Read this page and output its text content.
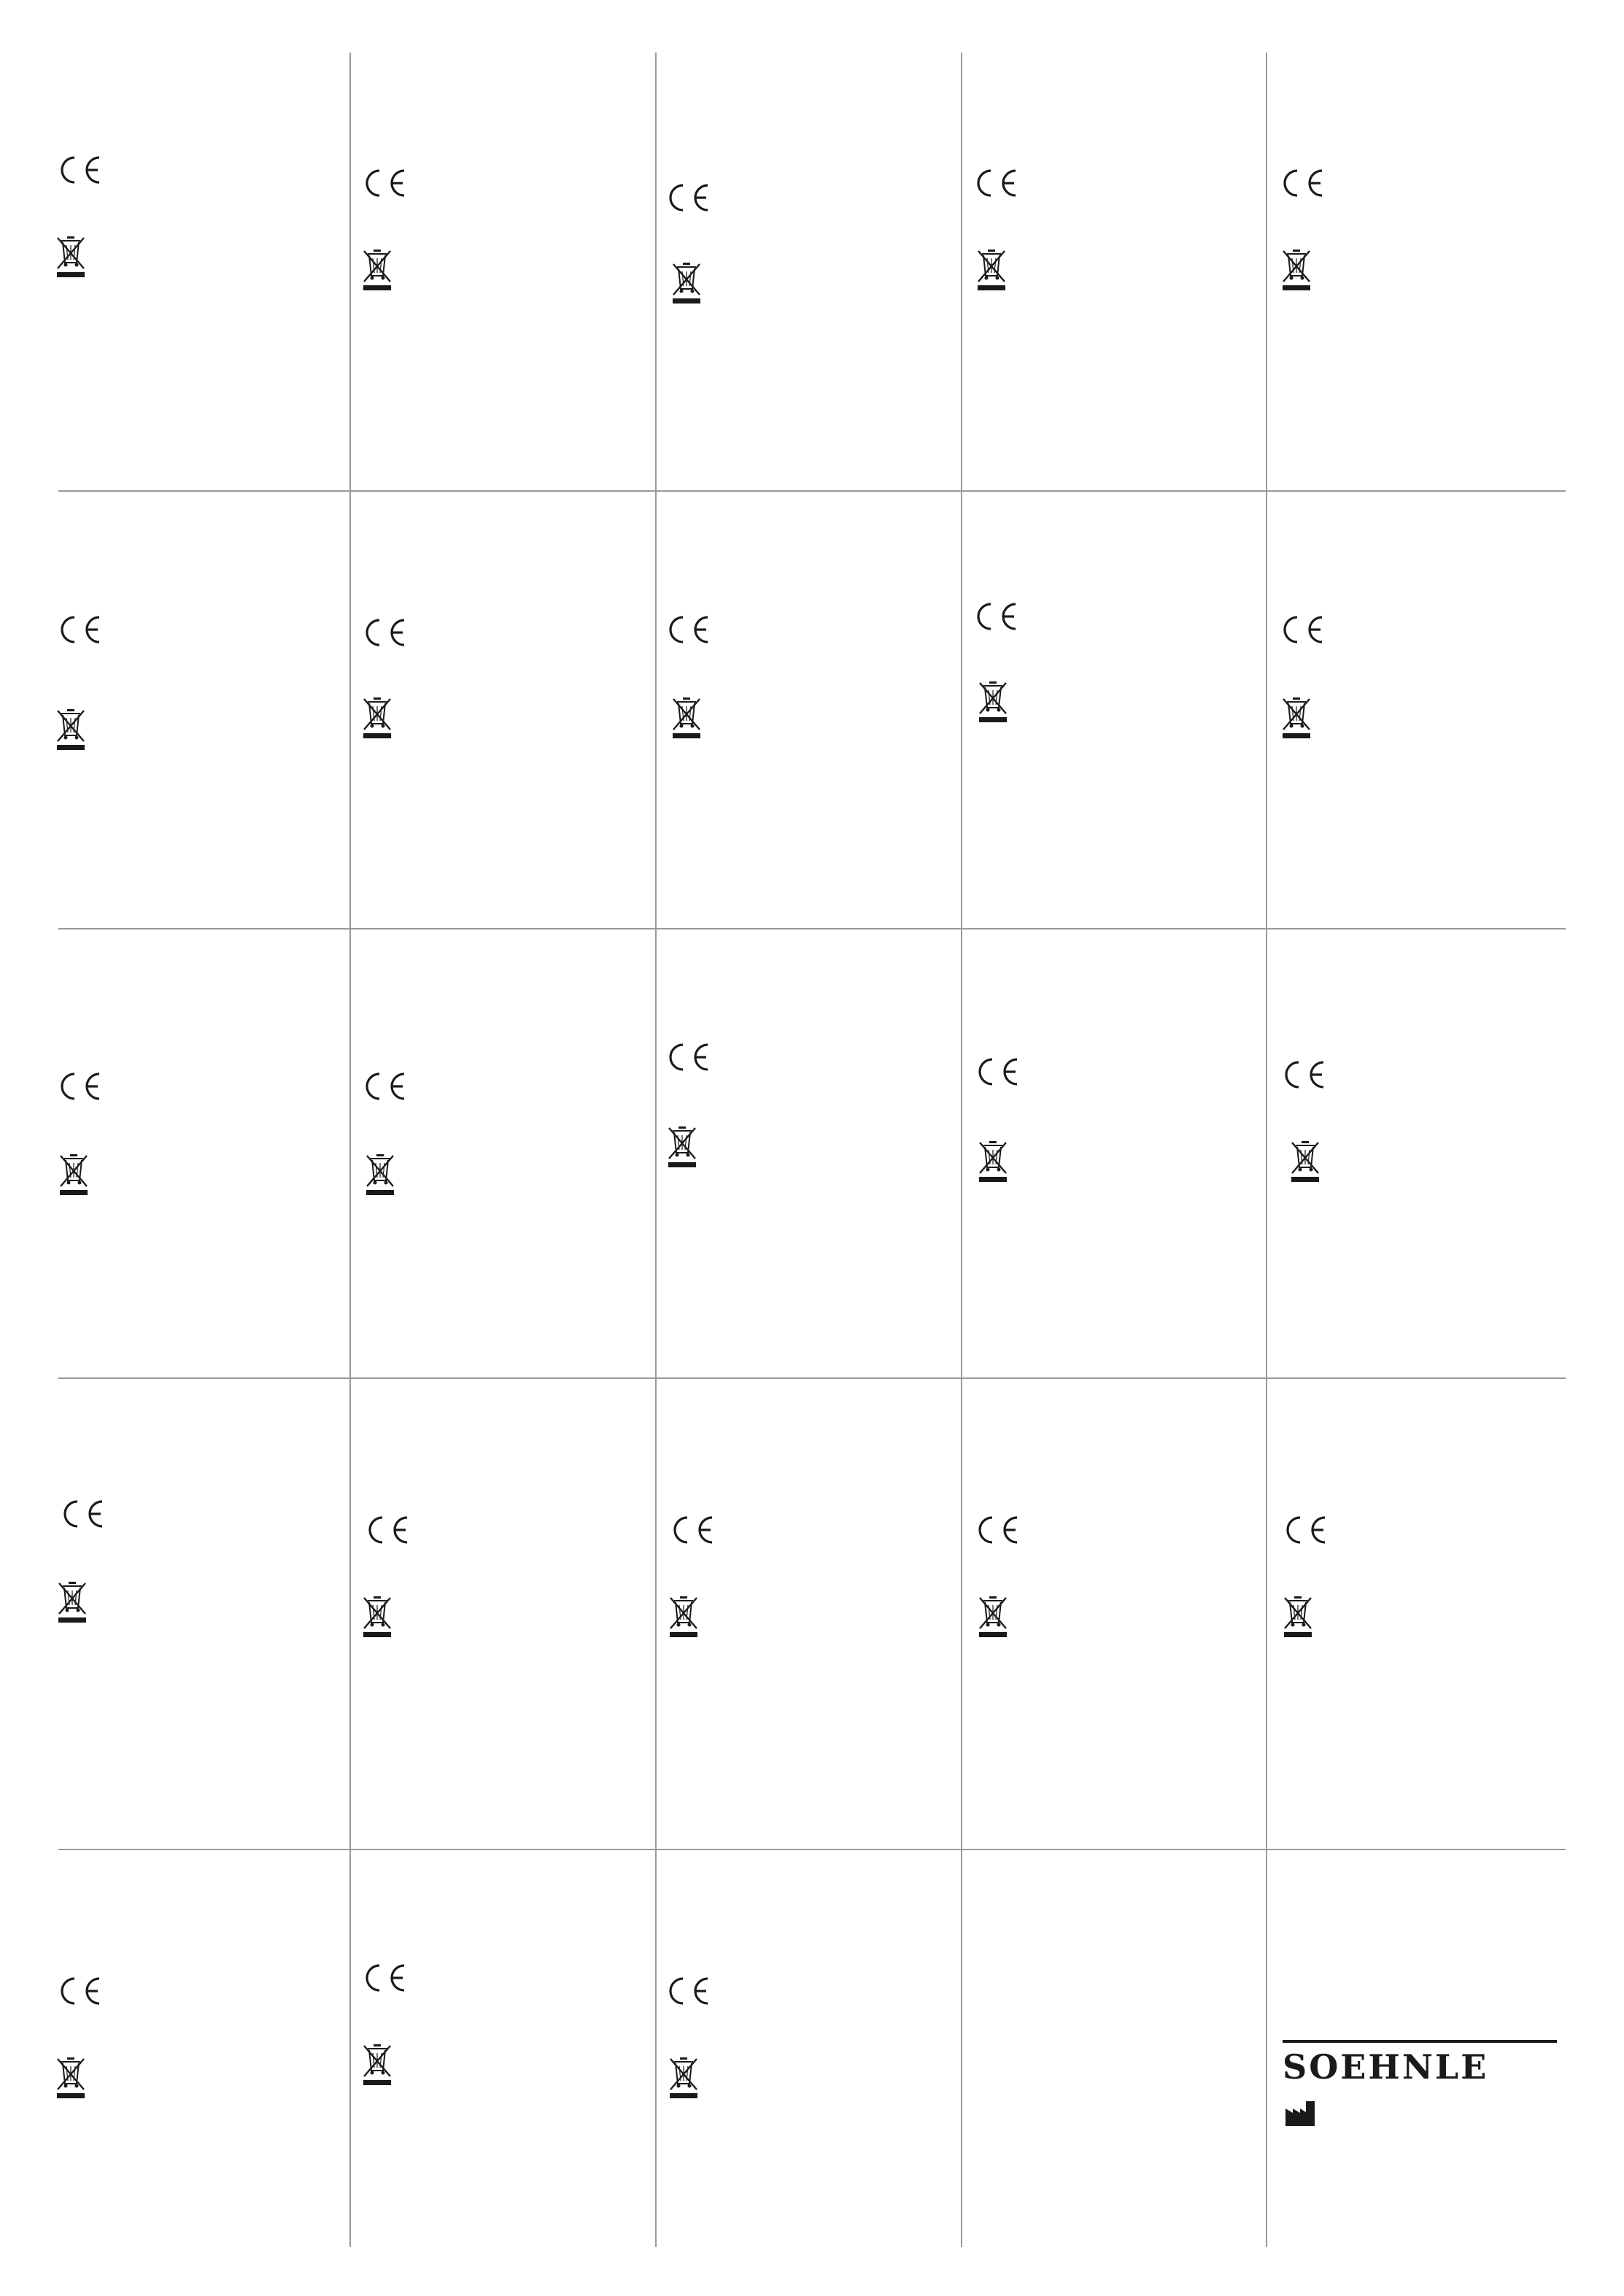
SOEHNLE
